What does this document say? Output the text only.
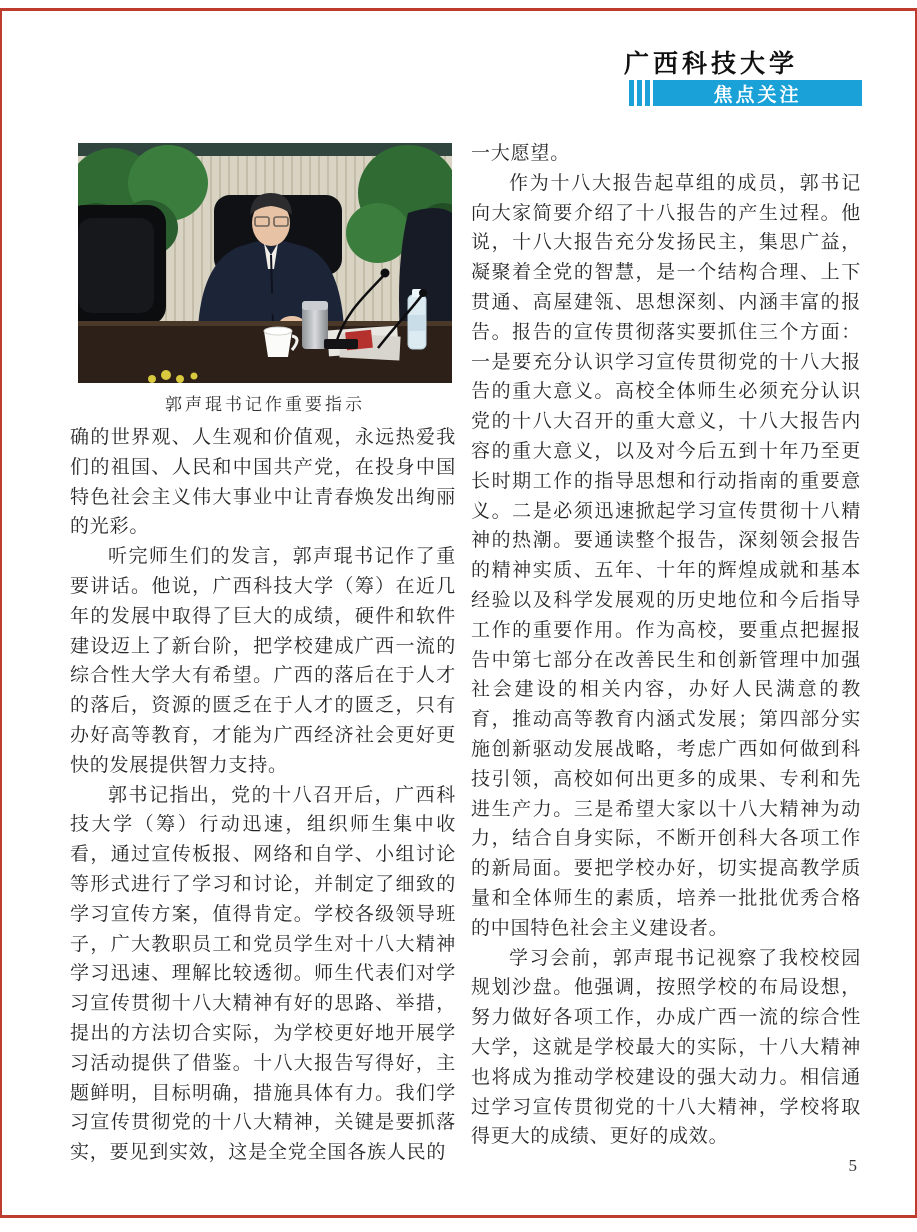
广西科技大学
焦点关注
郭声琨书记作重要指示

确的世界观、人生观和价值观，永远热爱我们的祖国、人民和中国共产党，在投身中国特色社会主义伟大事业中让青春焕发出绚丽的光彩。

听完师生们的发言，郭声琨书记作了重要讲话。他说，广西科技大学（筹）在近几年的发展中取得了巨大的成绩，硬件和软件建设迈上了新台阶，把学校建成广西一流的综合性大学大有希望。广西的落后在于人才的落后，资源的匮乏在于人才的匮乏，只有办好高等教育，才能为广西经济社会更好更快的发展提供智力支持。

郭书记指出，党的十八召开后，广西科技大学（筹）行动迅速，组织师生集中收看，通过宣传板报、网络和自学、小组讨论等形式进行了学习和讨论，并制定了细致的学习宣传方案，值得肯定。学校各级领导班子，广大教职员工和党员学生对十八大精神学习迅速、理解比较透彻。师生代表们对学习宣传贯彻十八大精神有好的思路、举措，提出的方法切合实际，为学校更好地开展学习活动提供了借鉴。十八大报告写得好，主题鲜明，目标明确，措施具体有力。我们学习宣传贯彻党的十八大精神，关键是要抓落实，要见到实效，这是全党全国各族人民的

一大愿望。

作为十八大报告起草组的成员，郭书记向大家简要介绍了十八报告的产生过程。他说，十八大报告充分发扬民主，集思广益，凝聚着全党的智慧，是一个结构合理、上下贯通、高屋建瓴、思想深刻、内涵丰富的报告。报告的宣传贯彻落实要抓住三个方面：一是要充分认识学习宣传贯彻党的十八大报告的重大意义。高校全体师生必须充分认识党的十八大召开的重大意义，十八大报告内容的重大意义，以及对今后五到十年乃至更长时期工作的指导思想和行动指南的重要意义。二是必须迅速掀起学习宣传贯彻十八精神的热潮。要通读整个报告，深刻领会报告的精神实质、五年、十年的辉煌成就和基本经验以及科学发展观的历史地位和今后指导工作的重要作用。作为高校，要重点把握报告中第七部分在改善民生和创新管理中加强社会建设的相关内容，办好人民满意的教育，推动高等教育内涵式发展；第四部分实施创新驱动发展战略，考虑广西如何做到科技引领，高校如何出更多的成果、专利和先进生产力。三是希望大家以十八大精神为动力，结合自身实际，不断开创科大各项工作的新局面。要把学校办好，切实提高教学质量和全体师生的素质，培养一批批优秀合格的中国特色社会主义建设者。

学习会前，郭声琨书记视察了我校校园规划沙盘。他强调，按照学校的布局设想，努力做好各项工作，办成广西一流的综合性大学，这就是学校最大的实际，十八大精神也将成为推动学校建设的强大动力。相信通过学习宣传贯彻党的十八大精神，学校将取得更大的成绩、更好的成效。

5
